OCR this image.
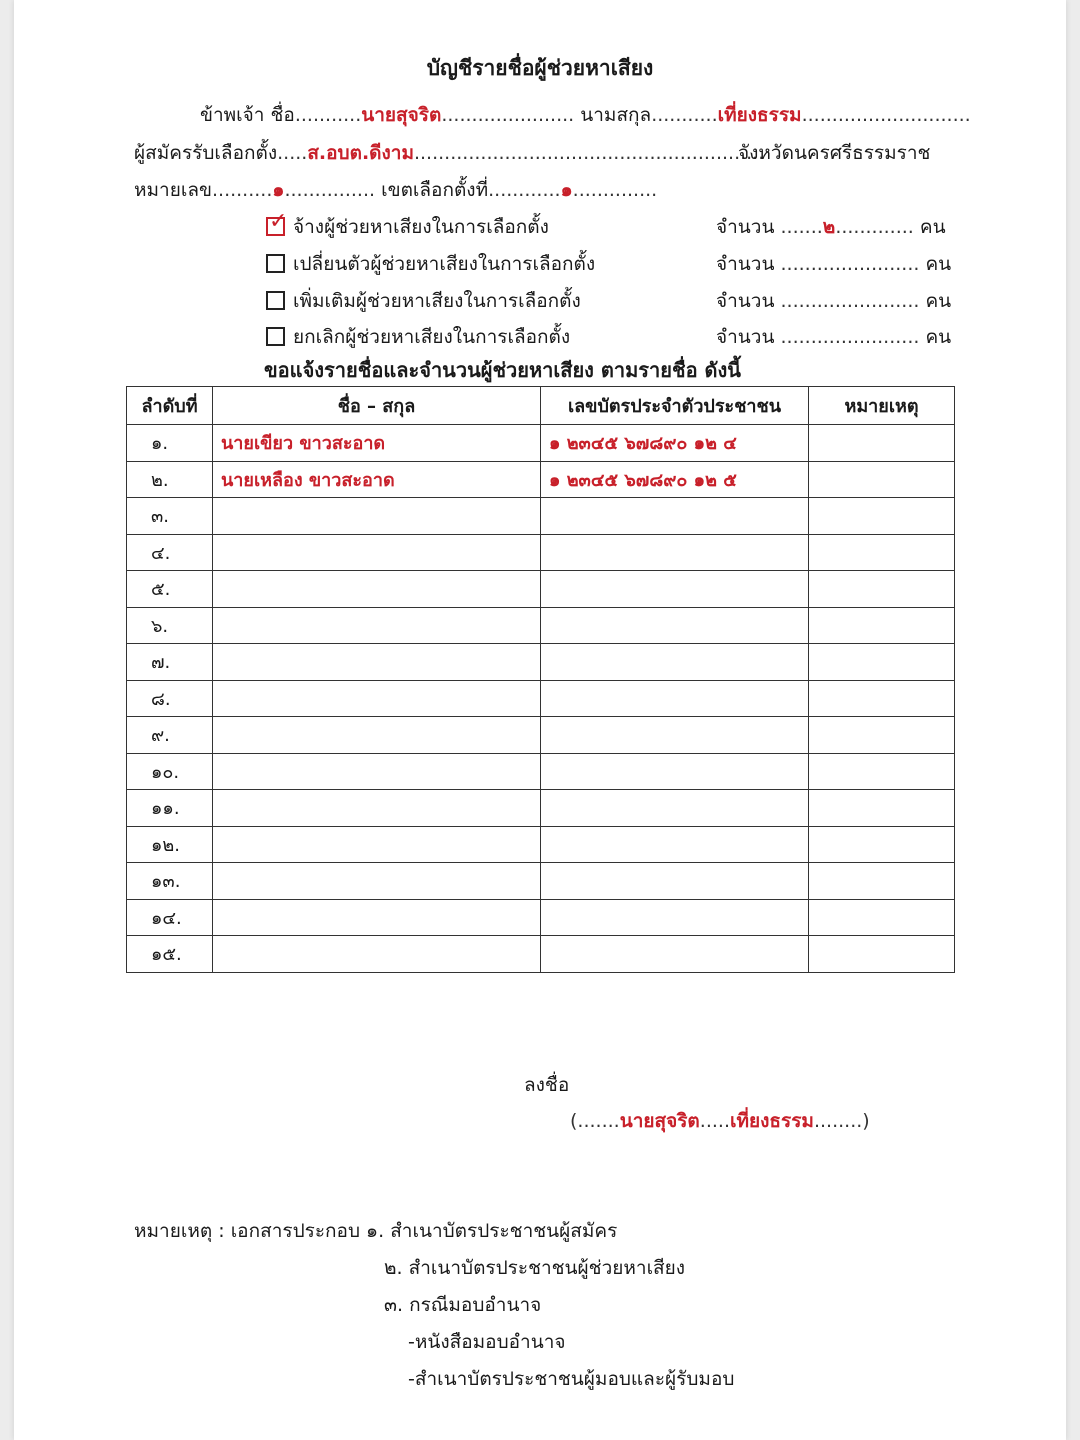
บัญชีรายชื่อผู้ช่วยหาเสียง
ข้าพเจ้า ชื่อ...........นายสุจริต...................... นามสกุล...........เที่ยงธรรม............................
ผู้สมัครรับเลือกตั้ง.....ส.อบต.ดีงาม..........................................................
จังหวัดนครศรีธรรมราช
หมายเลข..........๑............... เขตเลือกตั้งที่............๑..............
✓ จ้างผู้ช่วยหาเสียงในการเลือกตั้ง	จำนวน .......๒............. คน
เปลี่ยนตัวผู้ช่วยหาเสียงในการเลือกตั้ง	จำนวน ....................... คน
เพิ่มเติมผู้ช่วยหาเสียงในการเลือกตั้ง	จำนวน ....................... คน
ยกเลิกผู้ช่วยหาเสียงในการเลือกตั้ง	จำนวน ....................... คน
ขอแจ้งรายชื่อและจำนวนผู้ช่วยหาเสียง ตามรายชื่อ ดังนี้
ลำดับที่	ชื่อ – สกุล	เลขบัตรประจำตัวประชาชน	หมายเหตุ
๑.	นายเขียว ขาวสะอาด	๑ ๒๓๔๕ ๖๗๘๙๐ ๑๒ ๔	
๒.	นายเหลือง ขาวสะอาด	๑ ๒๓๔๕ ๖๗๘๙๐ ๑๒ ๕	
๓.			
๔.			
๕.			
๖.			
๗.			
๘.			
๙.			
๑๐.			
๑๑.			
๑๒.			
๑๓.			
๑๔.			
๑๕.			
ลงชื่อ
(.......นายสุจริต.....เที่ยงธรรม........)
หมายเหตุ : เอกสารประกอบ ๑. สำเนาบัตรประชาชนผู้สมัคร
๒. สำเนาบัตรประชาชนผู้ช่วยหาเสียง
๓. กรณีมอบอำนาจ
-หนังสือมอบอำนาจ
-สำเนาบัตรประชาชนผู้มอบและผู้รับมอบ
